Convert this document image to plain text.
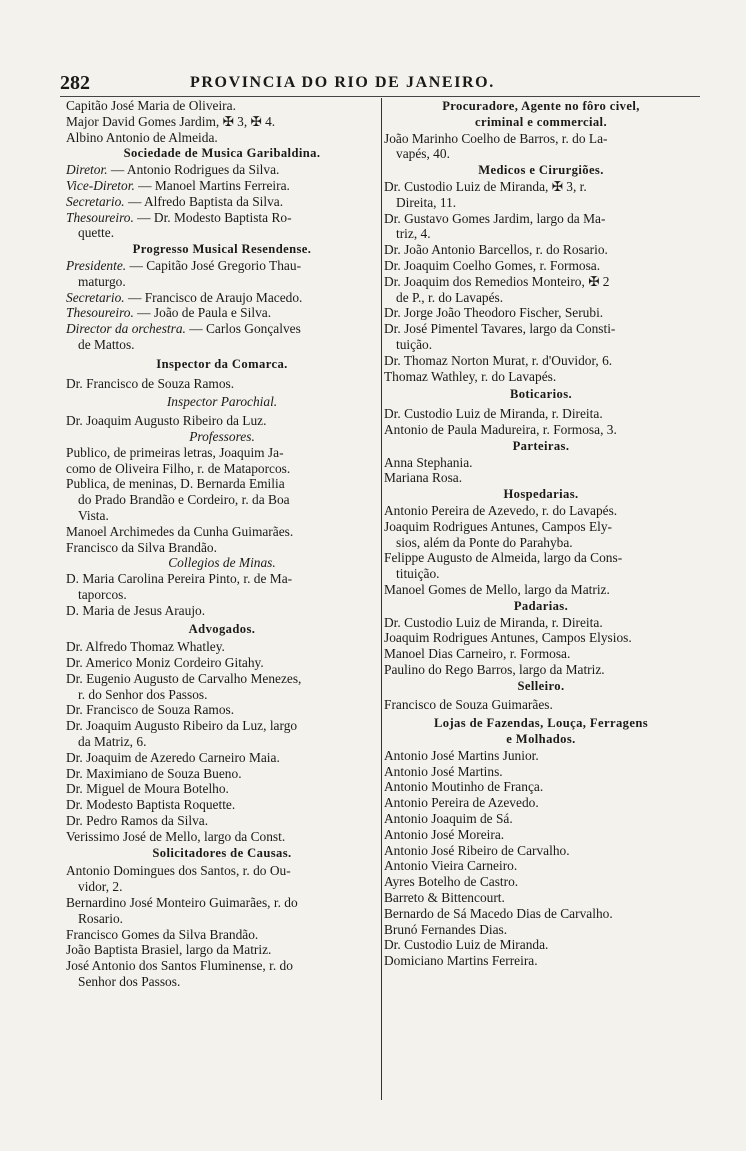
282	PROVINCIA DO RIO DE JANEIRO.
Capitão José Maria de Oliveira.
Major David Gomes Jardim, ✠ 3, ✠ 4.
Albino Antonio de Almeida.
Sociedade de Musica Garibaldina.
Diretor. — Antonio Rodrigues da Silva.
Vice-Diretor. — Manoel Martins Ferreira.
Secretario. — Alfredo Baptista da Silva.
Thesoureiro. — Dr. Modesto Baptista Ro-
quette.
Progresso Musical Resendense.
Presidente. — Capitão José Gregorio Thau-
maturgo.
Secretario. — Francisco de Araujo Macedo.
Thesoureiro. — João de Paula e Silva.
Director da orchestra. — Carlos Gonçalves
de Mattos.
Inspector da Comarca.
Dr. Francisco de Souza Ramos.
Inspector Parochial.
Dr. Joaquim Augusto Ribeiro da Luz.
Professores.
Publico, de primeiras letras, Joaquim Ja-
como de Oliveira Filho, r. de Mataporcos.
Publica, de meninas, D. Bernarda Emilia
do Prado Brandão e Cordeiro, r. da Boa
Vista.
Manoel Archimedes da Cunha Guimarães.
Francisco da Silva Brandão.
Collegios de Minas.
D. Maria Carolina Pereira Pinto, r. de Ma-
taporcos.
D. Maria de Jesus Araujo.
Advogados.
Dr. Alfredo Thomaz Whatley.
Dr. Americo Moniz Cordeiro Gitahy.
Dr. Eugenio Augusto de Carvalho Menezes,
r. do Senhor dos Passos.
Dr. Francisco de Souza Ramos.
Dr. Joaquim Augusto Ribeiro da Luz, largo
da Matriz, 6.
Dr. Joaquim de Azeredo Carneiro Maia.
Dr. Maximiano de Souza Bueno.
Dr. Miguel de Moura Botelho.
Dr. Modesto Baptista Roquette.
Dr. Pedro Ramos da Silva.
Verissimo José de Mello, largo da Const.
Solicitadores de Causas.
Antonio Domingues dos Santos, r. do Ou-
vidor, 2.
Bernardino José Monteiro Guimarães, r. do
Rosario.
Francisco Gomes da Silva Brandão.
João Baptista Brasiel, largo da Matriz.
José Antonio dos Santos Fluminense, r. do
Senhor dos Passos.
Procuradore, Agente no fôro civel,
criminal e commercial.
João Marinho Coelho de Barros, r. do La-
vapés, 40.
Medicos e Cirurgiões.
Dr. Custodio Luiz de Miranda, ✠ 3, r.
Direita, 11.
Dr. Gustavo Gomes Jardim, largo da Ma-
triz, 4.
Dr. João Antonio Barcellos, r. do Rosario.
Dr. Joaquim Coelho Gomes, r. Formosa.
Dr. Joaquim dos Remedios Monteiro, ✠ 2
de P., r. do Lavapés.
Dr. Jorge João Theodoro Fischer, Serubi.
Dr. José Pimentel Tavares, largo da Consti-
tuição.
Dr. Thomaz Norton Murat, r. d'Ouvidor, 6.
Thomaz Wathley, r. do Lavapés.
Boticarios.
Dr. Custodio Luiz de Miranda, r. Direita.
Antonio de Paula Madureira, r. Formosa, 3.
Parteiras.
Anna Stephania.
Mariana Rosa.
Hospedarias.
Antonio Pereira de Azevedo, r. do Lavapés.
Joaquim Rodrigues Antunes, Campos Ely-
sios, além da Ponte do Parahyba.
Felippe Augusto de Almeida, largo da Cons-
tituição.
Manoel Gomes de Mello, largo da Matriz.
Padarias.
Dr. Custodio Luiz de Miranda, r. Direita.
Joaquim Rodrigues Antunes, Campos Elysios.
Manoel Dias Carneiro, r. Formosa.
Paulino do Rego Barros, largo da Matriz.
Selleiro.
Francisco de Souza Guimarães.
Lojas de Fazendas, Louça, Ferragens
e Molhados.
Antonio José Martins Junior.
Antonio José Martins.
Antonio Moutinho de França.
Antonio Pereira de Azevedo.
Antonio Joaquim de Sá.
Antonio José Moreira.
Antonio José Ribeiro de Carvalho.
Antonio Vieira Carneiro.
Ayres Botelho de Castro.
Barreto & Bittencourt.
Bernardo de Sá Macedo Dias de Carvalho.
Brunó Fernandes Dias.
Dr. Custodio Luiz de Miranda.
Domiciano Martins Ferreira.
